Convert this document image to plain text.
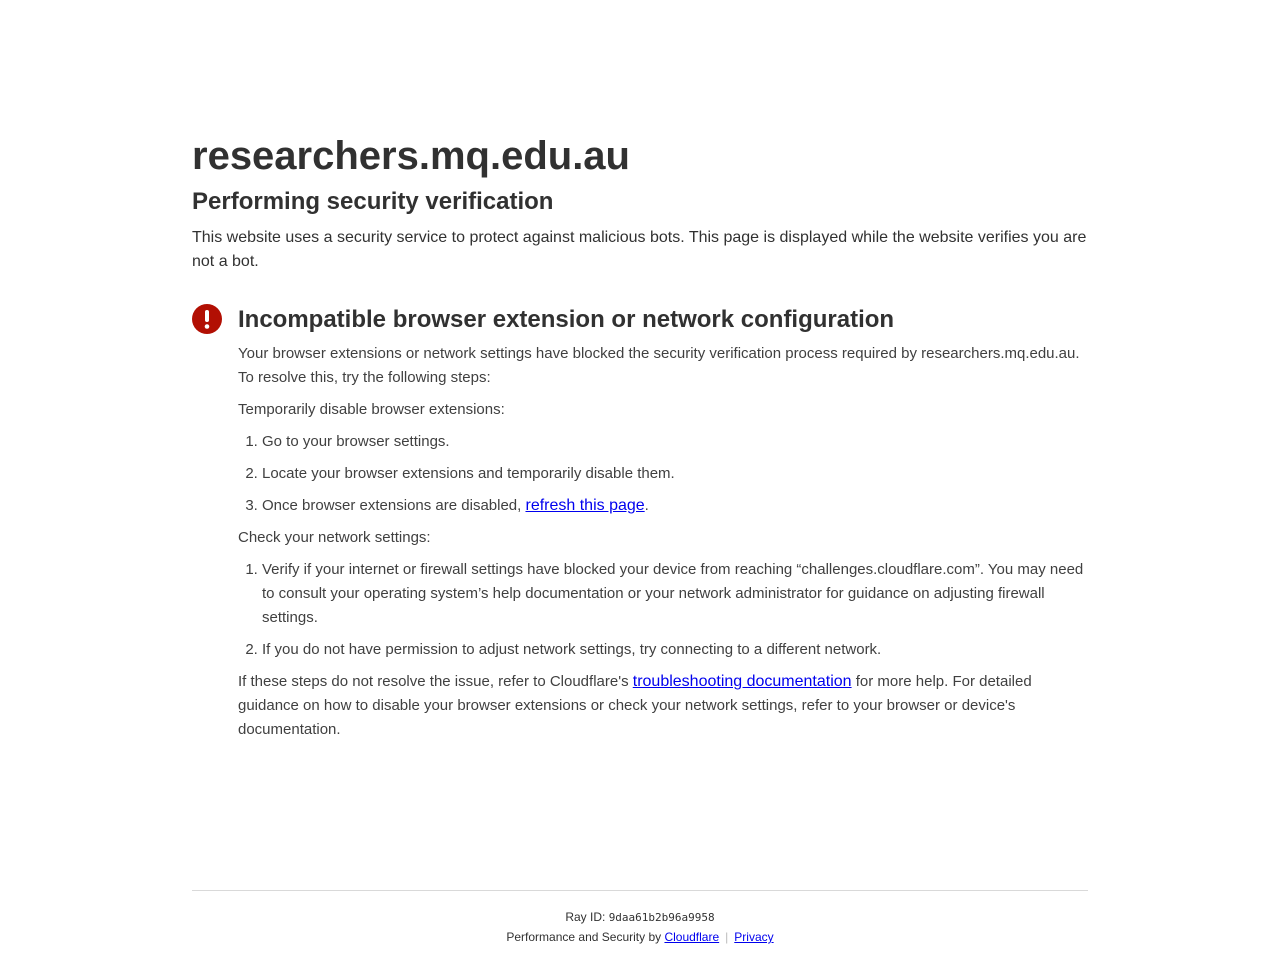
researchers.mq.edu.au
Performing security verification

This website uses a security service to protect against malicious bots. This page is displayed while the website verifies you are not a bot.

Incompatible browser extension or network configuration

Your browser extensions or network settings have blocked the security verification process required by researchers.mq.edu.au. To resolve this, try the following steps:

Temporarily disable browser extensions:

1. Go to your browser settings.
2. Locate your browser extensions and temporarily disable them.
3. Once browser extensions are disabled, refresh this page.

Check your network settings:

1. Verify if your internet or firewall settings have blocked your device from reaching “challenges.cloudflare.com”. You may need to consult your operating system’s help documentation or your network administrator for guidance on adjusting firewall settings.
2. If you do not have permission to adjust network settings, try connecting to a different network.

If these steps do not resolve the issue, refer to Cloudflare's troubleshooting documentation for more help. For detailed guidance on how to disable your browser extensions or check your network settings, refer to your browser or device's documentation.

Ray ID: 9daa61b2b96a9958
Performance and Security by Cloudflare | Privacy
